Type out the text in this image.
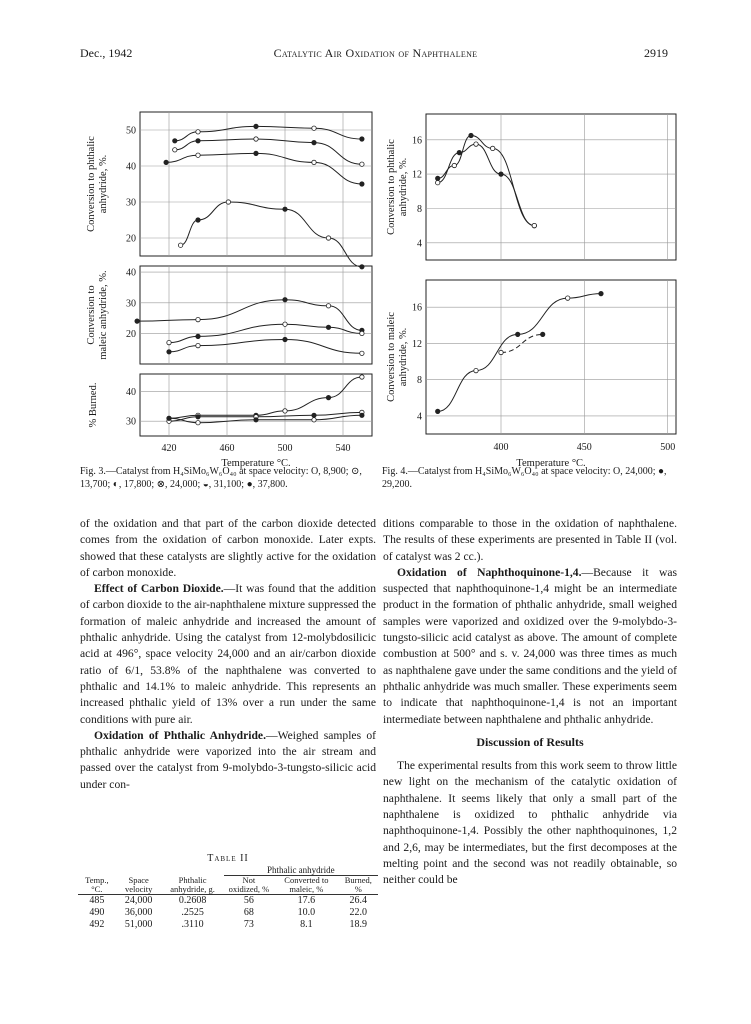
Dec., 1942	Catalytic Air Oxidation of Naphthalene	2919
50
40
30
20
40
30
20
40
30
420	460	500	540
Conversion to phthalicanhydride, %.
Conversion tomaleic anhydride, %.
% Burned.
Temperature °C.
Fig. 3.—Catalyst from H₄SiMo₆W₆O₄₀ at space velocity: O, 8,900; ⊙, 13,700; ◐, 17,800; ⊗, 24,000; ◒, 31,100; ●, 37,800.
16
12
8
4
16
12
8
4
400	450	500
Conversion to phthalicanhydride, %.
Conversion to maleicanhydride, %.
Temperature °C.
Fig. 4.—Catalyst from H₄SiMo₆W₆O₄₀ at space velocity: O, 24,000; ●, 29,200.

of the oxidation and that part of the carbon dioxide detected comes from the oxidation of carbon monoxide. Later expts. showed that these catalysts are slightly active for the oxidation of carbon monoxide.

Effect of Carbon Dioxide.—It was found that the addition of carbon dioxide to the air-naphthalene mixture suppressed the formation of maleic anhydride and increased the amount of phthalic anhydride. Using the catalyst from 12-molybdosilicic acid at 496°, space velocity 24,000 and an air/carbon dioxide ratio of 6/1, 53.8% of the naphthalene was converted to phthalic and 14.1% to maleic anhydride. This represents an increased phthalic yield of 13% over a run under the same conditions with pure air.

Oxidation of Phthalic Anhydride.—Weighed samples of phthalic anhydride were vaporized into the air stream and passed over the catalyst from 9-molybdo-3-tungsto-silicic acid under con-

Table II
			Phthalic anhydride		
Temp., °C.	Space velocity	Phthalic anhydride, g.	Not oxidized, %	Converted to maleic, %	Burned, %
485	24,000	0.2608	56	17.6	26.4
490	36,000	.2525	68	10.0	22.0
492	51,000	.3110	73	8.1	18.9

ditions comparable to those in the oxidation of naphthalene. The results of these experiments are presented in Table II (vol. of catalyst was 2 cc.).

Oxidation of Naphthoquinone-1,4.—Because it was suspected that naphthoquinone-1,4 might be an intermediate product in the formation of phthalic anhydride, small weighed samples were vaporized and oxidized over the 9-molybdo-3-tungsto-silicic acid catalyst as above. The amount of complete combustion at 500° and s. v. 24,000 was three times as much as naphthalene gave under the same conditions and the yield of phthalic anhydride was much smaller. These experiments seem to indicate that naphthoquinone-1,4 is not an important intermediate between naphthalene and phthalic anhydride.

Discussion of Results

The experimental results from this work seem to throw little new light on the mechanism of the catalytic oxidation of naphthalene. It seems likely that only a small part of the naphthalene is oxidized to phthalic anhydride via naphthoquinone-1,4. Possibly the other naphthoquinones, 1,2 and 2,6, may be intermediates, but the first decomposes at the melting point and the second was not readily obtainable, so neither could be
